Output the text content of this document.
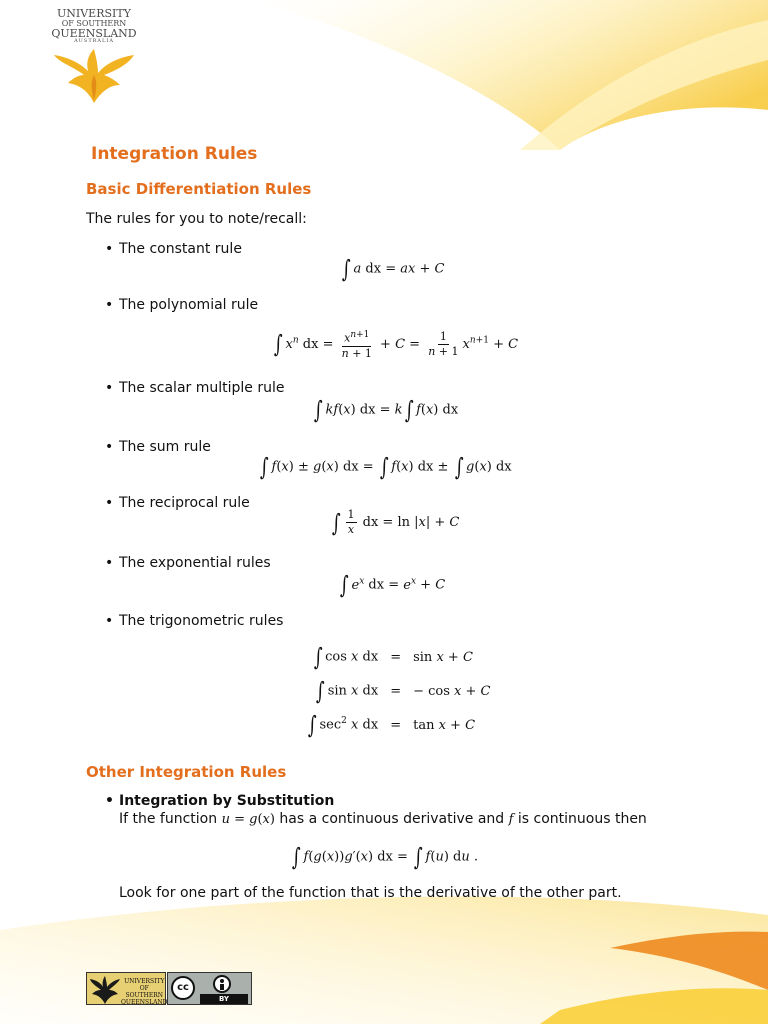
UNIVERSITY
OF SOUTHERN
QUEENSLAND
AUSTRALIA
Integration Rules
Basic Differentiation Rules
The rules for you to note/recall:
• The constant rule
∫ a dx = ax + C
• The polynomial rule
∫ $x^n$ dx = $\frac{x^{n+1}}{n + 1} + C = \frac{1}{n + 1} x^{n+1} + C$
• The scalar multiple rule
∫ kf(x) dx = k∫ f(x) dx
• The sum rule
∫ f(x) ± g(x) dx = ∫ f(x) dx ± ∫ g(x) dx
• The reciprocal rule
∫ $\frac{1}{x}$ dx = ln |x| + C
• The exponential rules
∫ $e^x$ dx = $e^x + C$
• The trigonometric rules
∫ cos x dx	=	sin x + C
∫ sin x dx	=	− cos x + C
∫ $\sec^2 x$ dx	=	tan x + C
Other Integration Rules
• Integration by Substitution
If the function u = g(x) has a continuous derivative and f is continuous then
∫ f(g(x))g′(x) dx = ∫ f(u) du .
Look for one part of the function that is the derivative of the other part.
UNIVERSITY
OF SOUTHERN
QUEENSLAND
cc
BY
